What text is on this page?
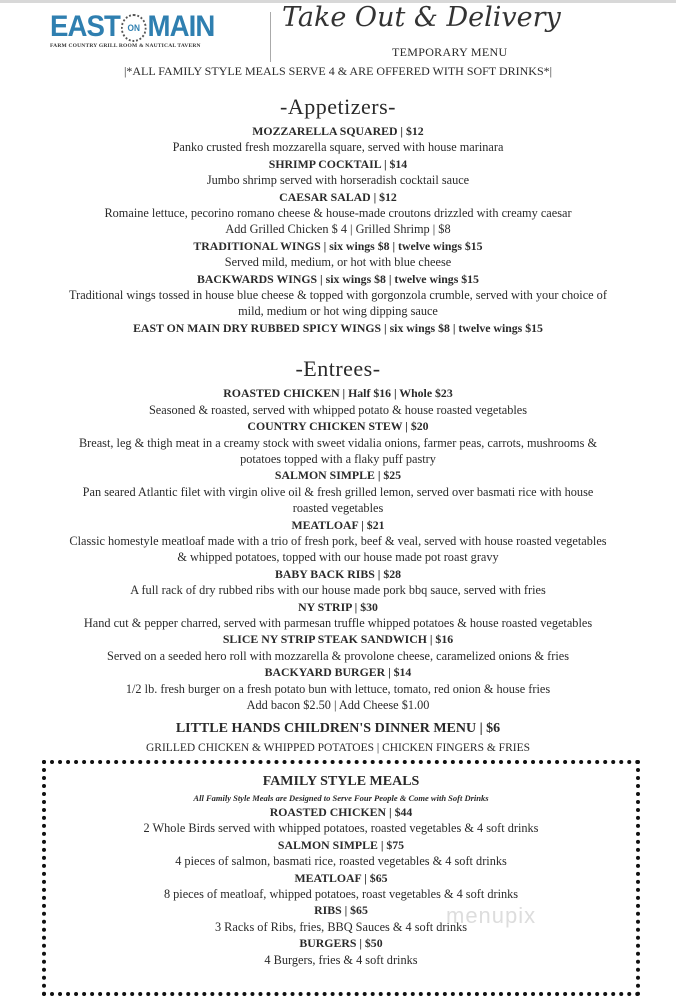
EAST ON MAIN
FARM COUNTRY GRILL ROOM & NAUTICAL TAVERN
Take Out & Delivery
TEMPORARY MENU
|*ALL FAMILY STYLE MEALS SERVE 4 & ARE OFFERED WITH SOFT DRINKS*|
-Appetizers-
MOZZARELLA SQUARED | $12
Panko crusted fresh mozzarella square, served with house marinara
SHRIMP COCKTAIL | $14
Jumbo shrimp served with horseradish cocktail sauce
CAESAR SALAD | $12
Romaine lettuce, pecorino romano cheese & house-made croutons drizzled with creamy caesar
Add Grilled Chicken $ 4 | Grilled Shrimp | $8
TRADITIONAL WINGS | six wings $8 | twelve wings $15
Served mild, medium, or hot with blue cheese
BACKWARDS WINGS | six wings $8 | twelve wings $15
Traditional wings tossed in house blue cheese & topped with gorgonzola crumble, served with your choice of
mild, medium or hot wing dipping sauce
EAST ON MAIN DRY RUBBED SPICY WINGS | six wings $8 | twelve wings $15
-Entrees-
ROASTED CHICKEN | Half $16 | Whole $23
Seasoned & roasted, served with whipped potato & house roasted vegetables
COUNTRY CHICKEN STEW | $20
Breast, leg & thigh meat in a creamy stock with sweet vidalia onions, farmer peas, carrots, mushrooms &
potatoes topped with a flaky puff pastry
SALMON SIMPLE | $25
Pan seared Atlantic filet with virgin olive oil & fresh grilled lemon, served over basmati rice with house
roasted vegetables
MEATLOAF | $21
Classic homestyle meatloaf made with a trio of fresh pork, beef & veal, served with house roasted vegetables
& whipped potatoes, topped with our house made pot roast gravy
BABY BACK RIBS | $28
A full rack of dry rubbed ribs with our house made pork bbq sauce, served with fries
NY STRIP | $30
Hand cut & pepper charred, served with parmesan truffle whipped potatoes & house roasted vegetables
SLICE NY STRIP STEAK SANDWICH | $16
Served on a seeded hero roll with mozzarella & provolone cheese, caramelized onions & fries
BACKYARD BURGER | $14
1/2 lb. fresh burger on a fresh potato bun with lettuce, tomato, red onion & house fries
Add bacon $2.50 | Add Cheese $1.00
LITTLE HANDS CHILDREN'S DINNER MENU | $6
GRILLED CHICKEN & WHIPPED POTATOES | CHICKEN FINGERS & FRIES
FAMILY STYLE MEALS
All Family Style Meals are Designed to Serve Four People & Come with Soft Drinks
ROASTED CHICKEN | $44
2 Whole Birds served with whipped potatoes, roasted vegetables & 4 soft drinks
SALMON SIMPLE | $75
4 pieces of salmon, basmati rice, roasted vegetables & 4 soft drinks
MEATLOAF | $65
8 pieces of meatloaf, whipped potatoes, roast vegetables & 4 soft drinks
RIBS | $65
3 Racks of Ribs, fries, BBQ Sauces & 4 soft drinks
BURGERS | $50
4 Burgers, fries & 4 soft drinks
menupix
